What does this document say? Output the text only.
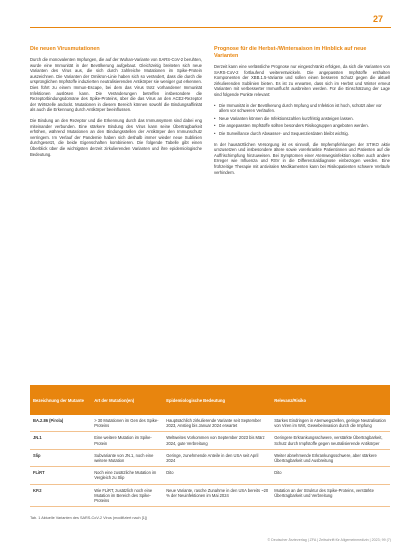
27
Die neuen Virusmutationen

Durch die monovalenten Impfungen, die auf der Wuhan-Variante von SARS-CoV-2 beruhten, wurde eine Immunität in der Bevölkerung aufgebaut. Gleichzeitig breiteten sich neue Varianten des Virus aus, die sich durch zahlreiche Mutationen im Spike-Protein auszeichnen. Die Varianten der Omikron-Linie haben sich so verändert, dass die durch die ursprünglichen Impfstoffe induzierten neutralisierenden Antikörper sie weniger gut erkennen. Dies führt zu einem Immun-Escape, bei dem das Virus trotz vorhandener Immunität Infektionen auslösen kann. Die Veränderungen betreffen insbesondere die Rezeptorbindungsdomäne des Spike-Proteins, über die das Virus an den ACE2-Rezeptor der Wirtszelle andockt. Mutationen in diesem Bereich können sowohl die Bindungsaffinität als auch die Erkennung durch Antikörper beeinflussen.

Die Bindung an den Rezeptor und die Erkennung durch das Immunsystem sind dabei eng miteinander verbunden. Eine stärkere Bindung des Virus kann seine Übertragbarkeit erhöhen, während Mutationen an den Bindungsstellen der Antikörper den Immunschutz verringern. Im Verlauf der Pandemie haben sich deshalb immer wieder neue Sublinien durchgesetzt, die beide Eigenschaften kombinieren. Die folgende Tabelle gibt einen Überblick über die wichtigsten derzeit zirkulierenden Varianten und ihre epidemiologische Bedeutung.

Prognose für die Herbst-/Wintersaison im Hinblick auf neue Varianten

Derzeit kann eine verlässliche Prognose nur eingeschränkt erfolgen, da sich die Varianten von SARS-CoV-2 fortlaufend weiterentwickeln. Die angepassten Impfstoffe enthalten Komponenten der XBB.1.5-Variante und sollen einen besseren Schutz gegen die aktuell zirkulierenden Sublinien bieten. Es ist zu erwarten, dass sich im Herbst und Winter erneut Varianten mit verbesserter Immunflucht ausbreiten werden. Für die Einschätzung der Lage sind folgende Punkte relevant:

• Die Immunität in der Bevölkerung durch Impfung und Infektion ist hoch, schützt aber vor allem vor schweren Verläufen.
• Neue Varianten können die Infektionszahlen kurzfristig ansteigen lassen.
• Die angepassten Impfstoffe sollten besonders Risikogruppen angeboten werden.
• Die Surveillance durch Abwasser- und Sequenzierdaten bleibt wichtig.

In der hausärztlichen Versorgung ist es sinnvoll, die Impfempfehlungen der STIKO aktiv umzusetzen und insbesondere ältere sowie vorerkrankte Patientinnen und Patienten auf die Auffrischimpfung hinzuweisen. Bei Symptomen einer Atemwegsinfektion sollten auch andere Erreger wie Influenza und RSV in die Differenzialdiagnose einbezogen werden. Eine frühzeitige Therapie mit antiviralen Medikamenten kann bei Risikopatienten schwere Verläufe verhindern.

Bezeichnung der Mutante	Art der Mutation(en)	Epidemiologische Bedeutung	Relevanz/Risiko
BA.2.86 (Pirola)	> 30 Mutationen im Gen des Spike-Proteins	Hauptsächlich zirkulierende Variante seit September 2023, Anstieg bis Januar 2024 erwartet	Starkes Eindringen in Atemwegszellen, geringe Neutralisation von Viren im Wirt, Gewebeinvasion durch die Impfung
JN.1	Eine weitere Mutation im Spike-Protein	Weltweites Vorkommen von September 2023 bis März 2024, gute Verbreitung	Geringere Erkrankungsschwere, verstärkte Übertragbarkeit, Schutz durch Impfstoffe gegen neutralisierende Antikörper
Slip	Subvariante von JN.1, noch eine weitere Mutation	Geringe, zunehmende Anteile in den USA seit April 2024	Weiter abnehmende Erkrankungsschwere, aber stärkere Übertragbarkeit und Ausbreitung
FLiRT	Noch eine zusätzliche Mutation im Vergleich zu Slip	Dito	Dito
KP.2	Wie FLiRT, zusätzlich noch eine Mutation im Bereich des Spike-Proteins	Neue Variante, rasche Zunahme in den USA bereits ~20 % der Neuinfektionen im Mai 2024	Mutation an der Struktur des Spike-Proteins, verstärkte Übertragbarkeit und Verbreitung
Tab. 1 Aktuelle Varianten des SARS-CoV-2 Virus (modifiziert nach [1])
© Deutscher Ärzteverlag | ZFA | Zeitschrift für Allgemeinmedizin | 2023; 99 (7)
